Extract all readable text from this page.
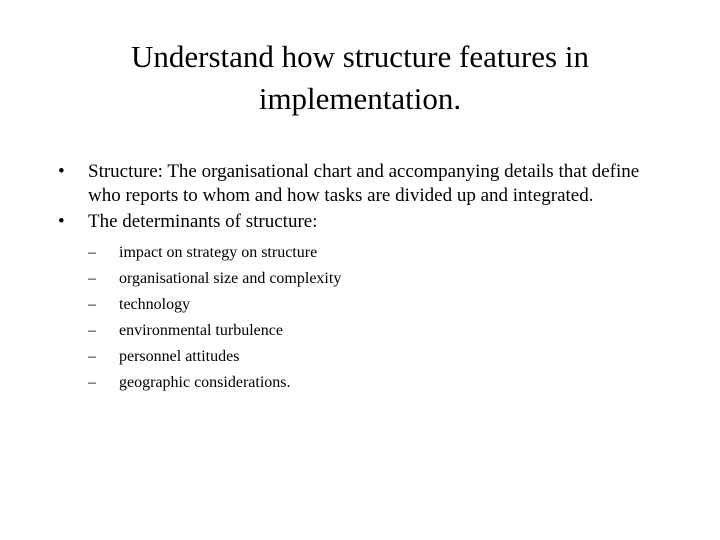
Understand how structure features in implementation.
• Structure: The organisational chart and accompanying details that define who reports to whom and how tasks are divided up and integrated.
• The determinants of structure:
– impact on strategy on structure
– organisational size and complexity
– technology
– environmental turbulence
– personnel attitudes
– geographic considerations.
